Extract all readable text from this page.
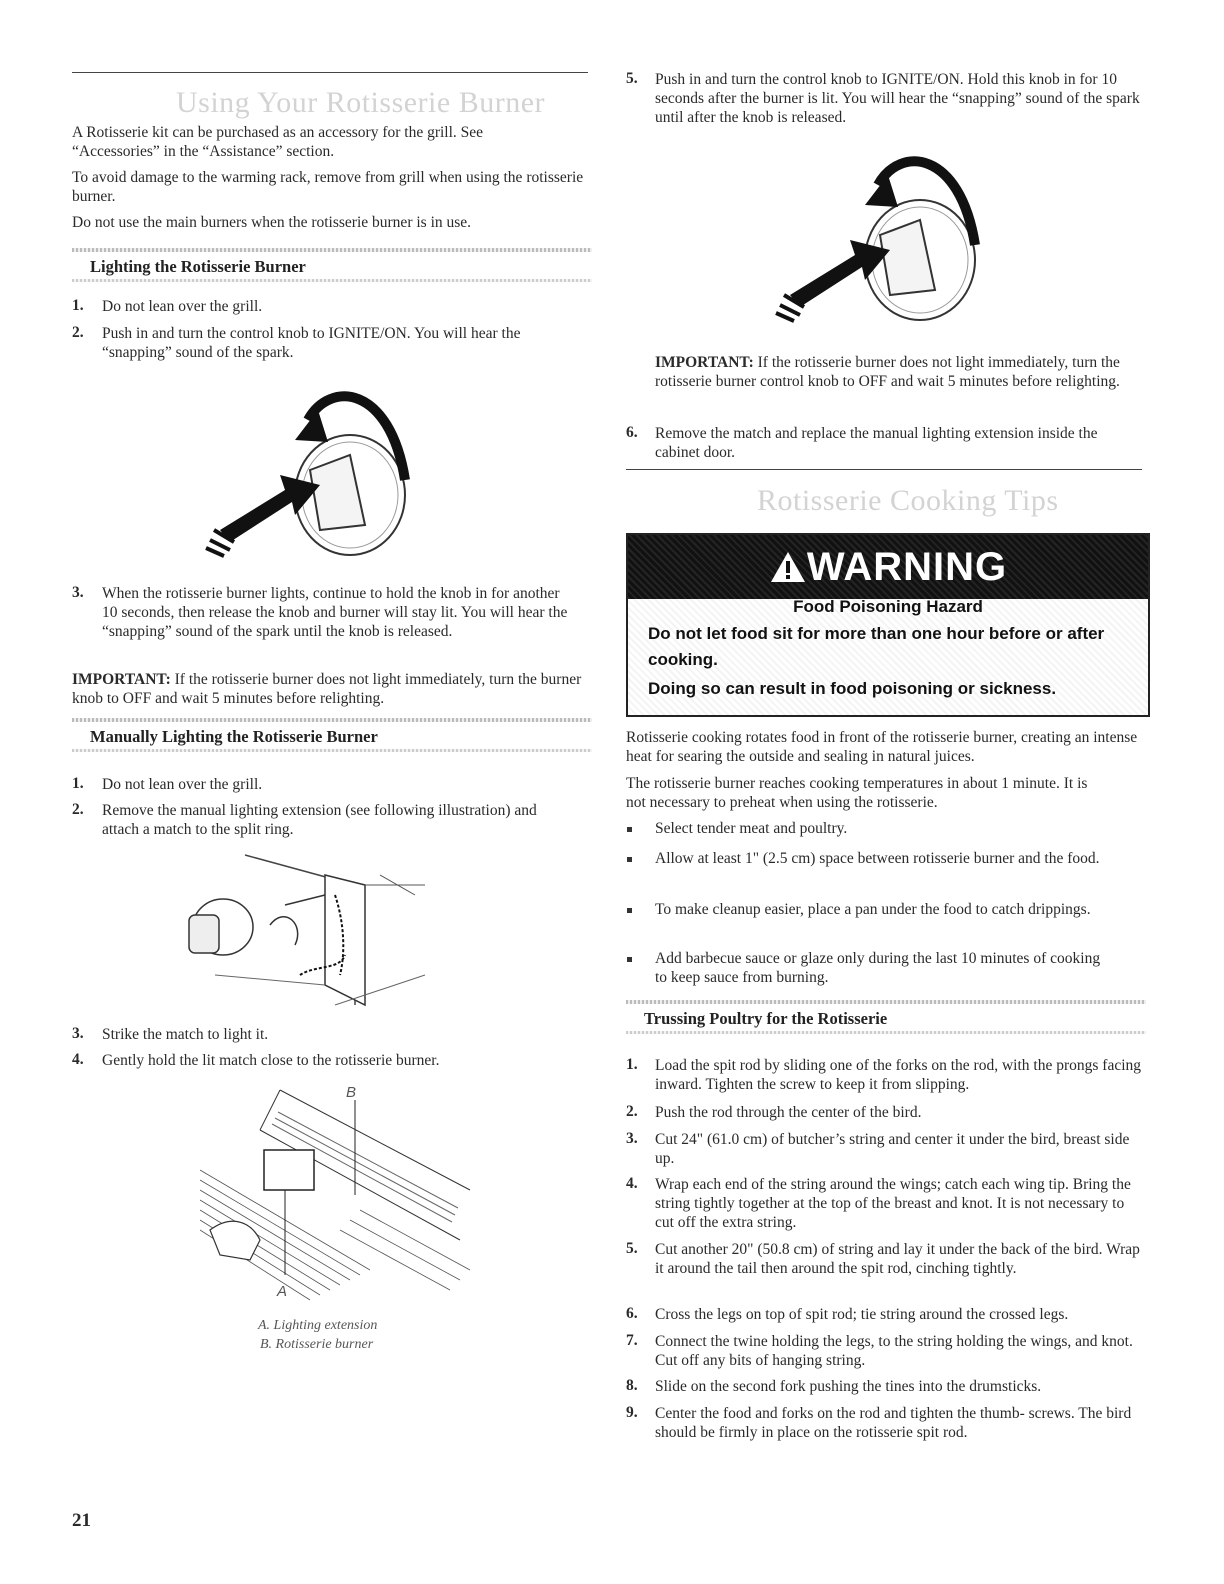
Using Your Rotisserie Burner

A Rotisserie kit can be purchased as an accessory for the grill. See “Accessories” in the “Assistance” section.

To avoid damage to the warming rack, remove from grill when using the rotisserie burner.

Do not use the main burners when the rotisserie burner is in use.

Lighting the Rotisserie Burner
1. Do not lean over the grill.

2. Push in and turn the control knob to IGNITE/ON. You will hear the “snapping” sound of the spark.

3. When the rotisserie burner lights, continue to hold the knob in for another 10 seconds, then release the knob and burner will stay lit. You will hear the “snapping” sound of the spark until the knob is released.

IMPORTANT: If the rotisserie burner does not light immediately, turn the burner knob to OFF and wait 5 minutes before relighting.

Manually Lighting the Rotisserie Burner
1. Do not lean over the grill.

2. Remove the manual lighting extension (see following illustration) and attach a match to the split ring.

3. Strike the match to light it.

4. Gently hold the lit match close to the rotisserie burner.

B
A
A. Lighting extension
B. Rotisserie burner
21
5. Push in and turn the control knob to IGNITE/ON. Hold this knob in for 10 seconds after the burner is lit. You will hear the “snapping” sound of the spark until after the knob is released.

IMPORTANT: If the rotisserie burner does not light immediately, turn the rotisserie burner control knob to OFF and wait 5 minutes before relighting.

6. Remove the match and replace the manual lighting extension inside the cabinet door.

Rotisserie Cooking Tips
WARNING
Food Poisoning Hazard
Do not let food sit for more than one hour before or after cooking.
Doing so can result in food poisoning or sickness.

Rotisserie cooking rotates food in front of the rotisserie burner, creating an intense heat for searing the outside and sealing in natural juices.

The rotisserie burner reaches cooking temperatures in about 1 minute. It is not necessary to preheat when using the rotisserie.

Select tender meat and poultry.

Allow at least 1" (2.5 cm) space between rotisserie burner and the food.

To make cleanup easier, place a pan under the food to catch drippings.

Add barbecue sauce or glaze only during the last 10 minutes of cooking to keep sauce from burning.

Trussing Poultry for the Rotisserie
1. Load the spit rod by sliding one of the forks on the rod, with the prongs facing inward. Tighten the screw to keep it from slipping.

2. Push the rod through the center of the bird.

3. Cut 24" (61.0 cm) of butcher’s string and center it under the bird, breast side up.

4. Wrap each end of the string around the wings; catch each wing tip. Bring the string tightly together at the top of the breast and knot. It is not necessary to cut off the extra string.

5. Cut another 20" (50.8 cm) of string and lay it under the back of the bird. Wrap it around the tail then around the spit rod, cinching tightly.

6. Cross the legs on top of spit rod; tie string around the crossed legs.

7. Connect the twine holding the legs, to the string holding the wings, and knot. Cut off any bits of hanging string.

8. Slide on the second fork pushing the tines into the drumsticks.

9. Center the food and forks on the rod and tighten the thumb- screws. The bird should be firmly in place on the rotisserie spit rod.
